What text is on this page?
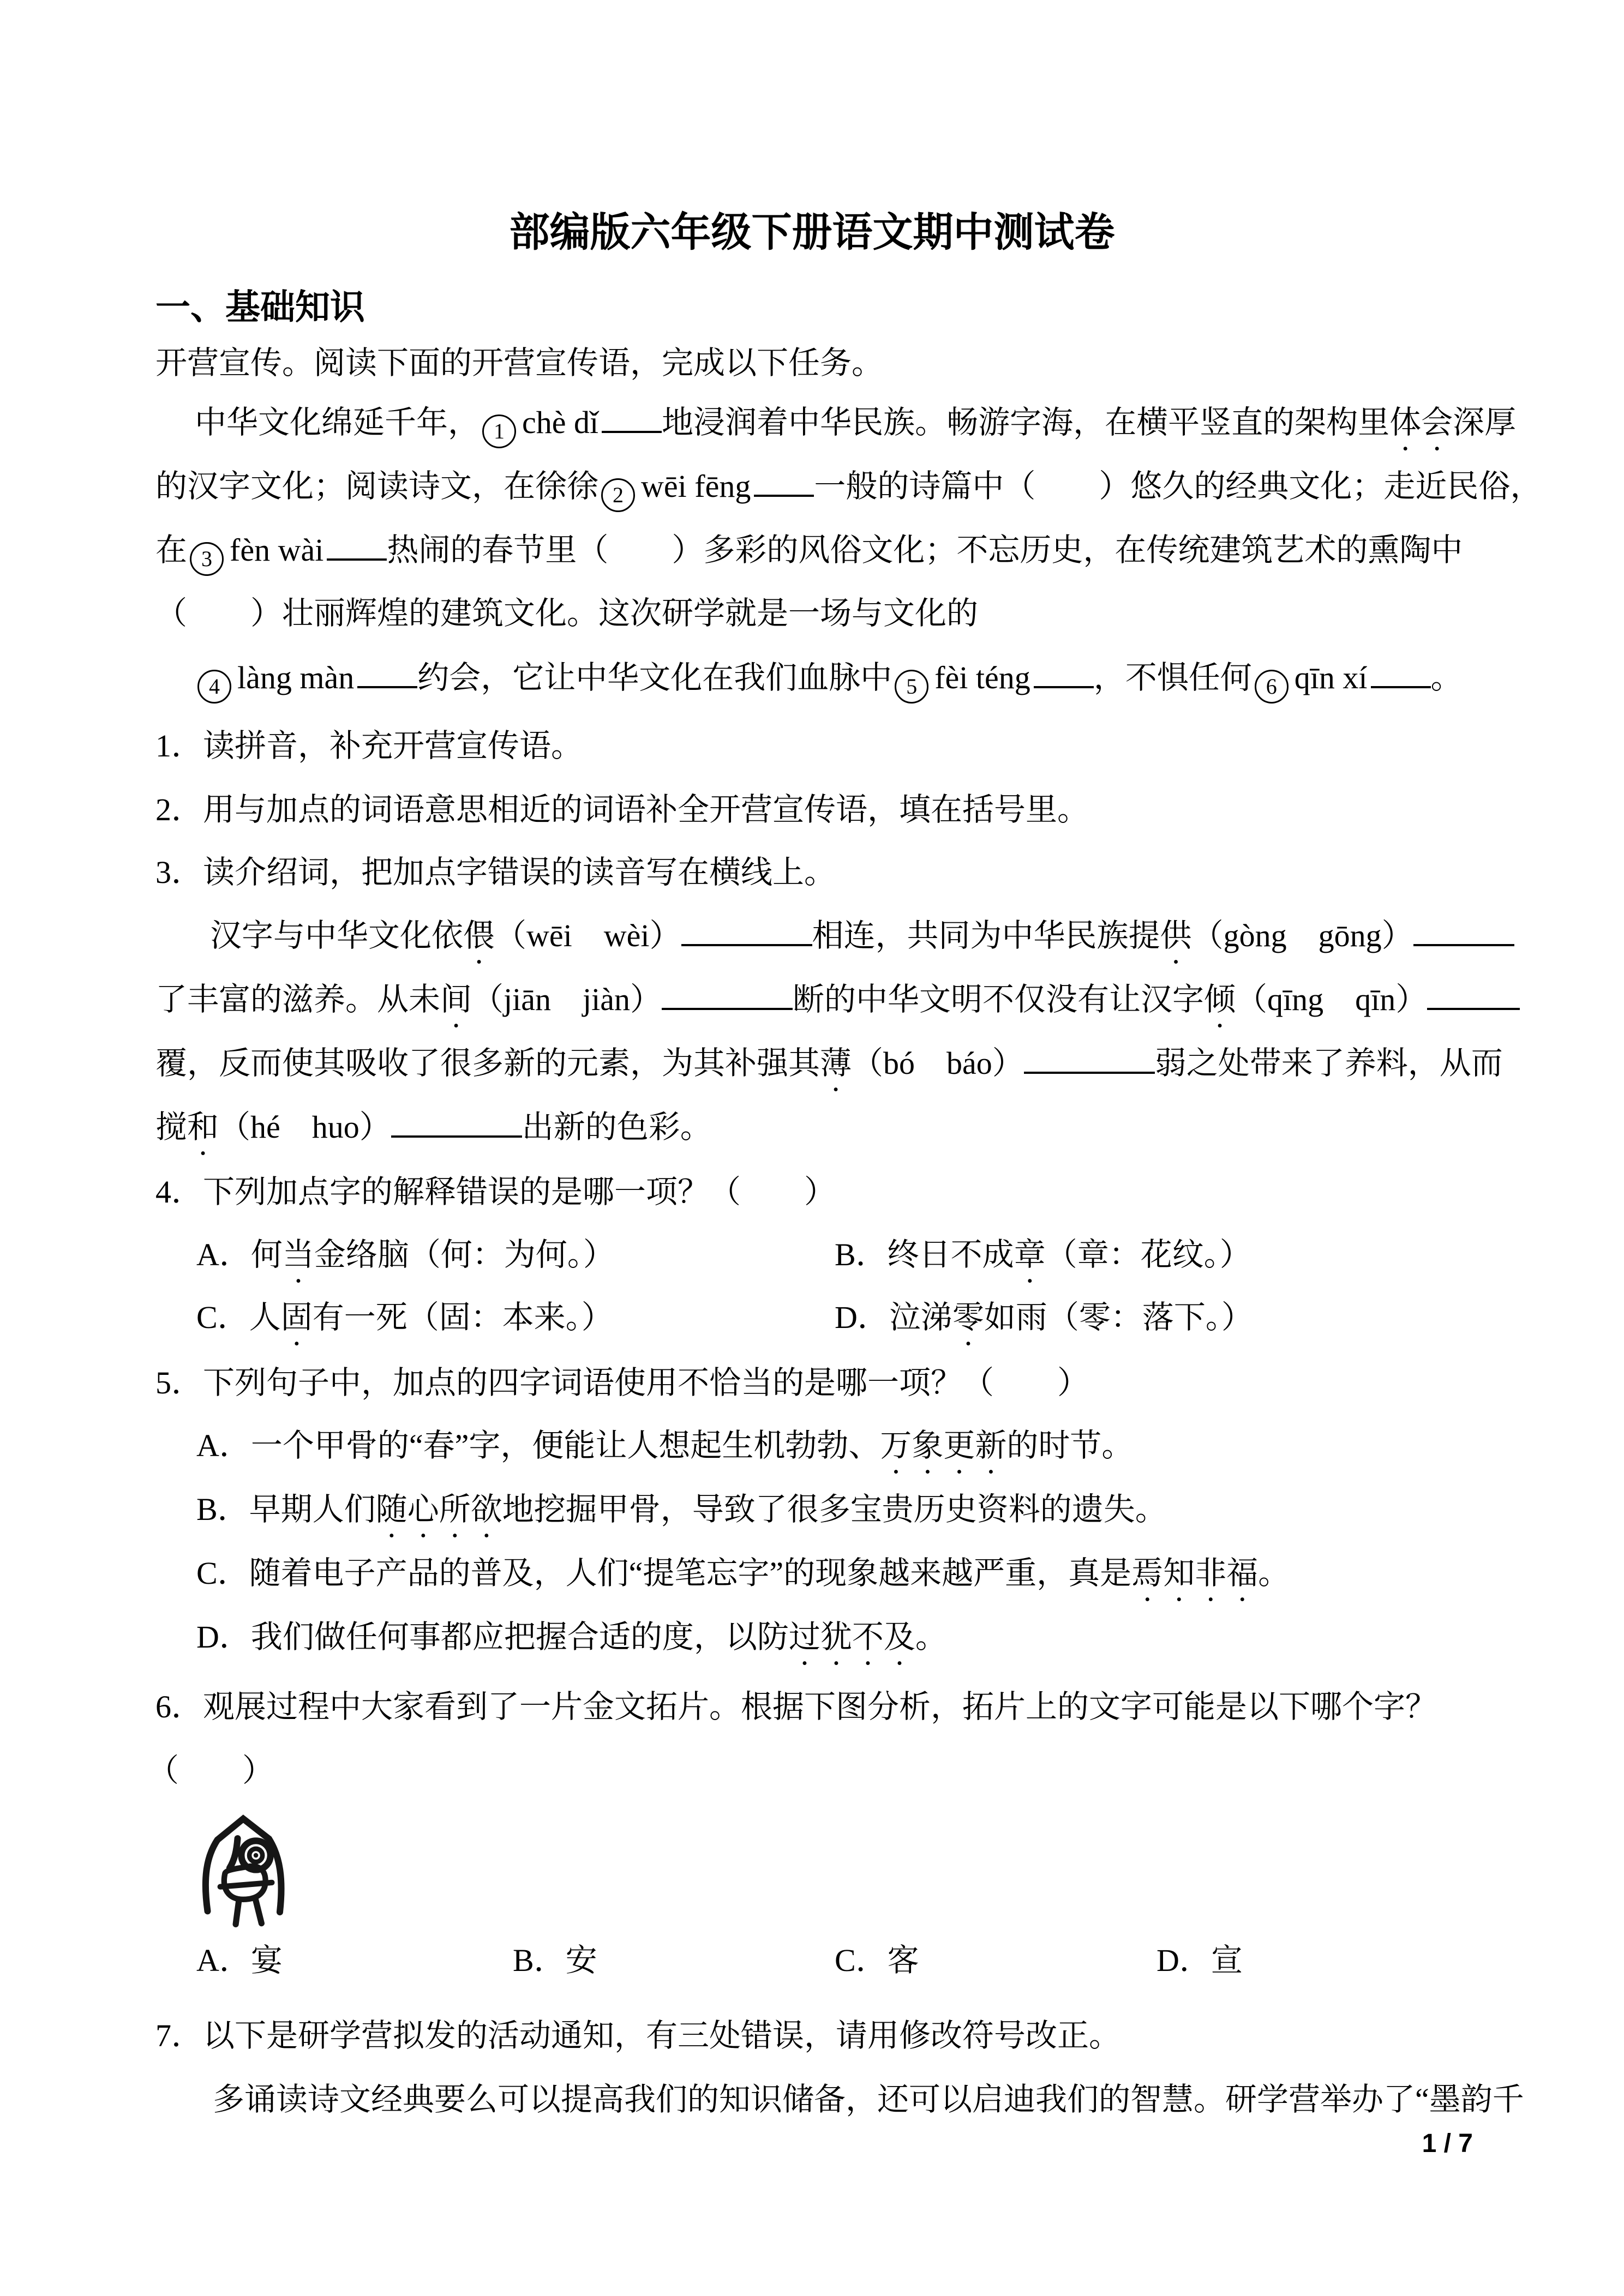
部编版六年级下册语文期中测试卷
一、基础知识
开营宣传。阅读下面的开营宣传语，完成以下任务。
中华文化绵延千年， 1 chè dǐ 地浸润着中华民族。畅游字海，在横平竖直的架构里体会深厚
的汉字文化；阅读诗文，在徐徐 2 wēi fēng 一般的诗篇中（　　）悠久的经典文化；走近民俗，
在 3 fèn wài 热闹的春节里（　　）多彩的风俗文化；不忘历史，在传统建筑艺术的熏陶中
（　　）壮丽辉煌的建筑文化。这次研学就是一场与文化的
4 làng màn 约会，它让中华文化在我们血脉中 5 fèi téng ，不惧任何 6 qīn xí 。
1．读拼音，补充开营宣传语。
2．用与加点的词语意思相近的词语补全开营宣传语，填在括号里。
3．读介绍词，把加点字错误的读音写在横线上。
汉字与中华文化依偎（wēi　wèi）	相连，共同为中华民族提供（gòng　gōng）
了丰富的滋养。从未间（jiān　jiàn）	断的中华文明不仅没有让汉字倾（qīng　qīn）
覆，反而使其吸收了很多新的元素，为其补强其薄（bó　báo）	弱之处带来了养料，从而
搅和（hé　huo）	出新的色彩。
4．下列加点字的解释错误的是哪一项？（　　）
A．何当金络脑（何：为何。）	B．终日不成章（章：花纹。）
C．人固有一死（固：本来。）	D．泣涕零如雨（零：落下。）
5．下列句子中，加点的四字词语使用不恰当的是哪一项？（　　）
A．一个甲骨的“春”字，便能让人想起生机勃勃、万象更新的时节。
B．早期人们随心所欲地挖掘甲骨，导致了很多宝贵历史资料的遗失。
C．随着电子产品的普及，人们“提笔忘字”的现象越来越严重，真是焉知非福。
D．我们做任何事都应把握合适的度，以防过犹不及。
6．观展过程中大家看到了一片金文拓片。根据下图分析，拓片上的文字可能是以下哪个字？
（　　）
A．宴	B．安	C．客	D．宣
7．以下是研学营拟发的活动通知，有三处错误，请用修改符号改正。
多诵读诗文经典要么可以提高我们的知识储备，还可以启迪我们的智慧。研学营举办了“墨韵千
1 / 7
